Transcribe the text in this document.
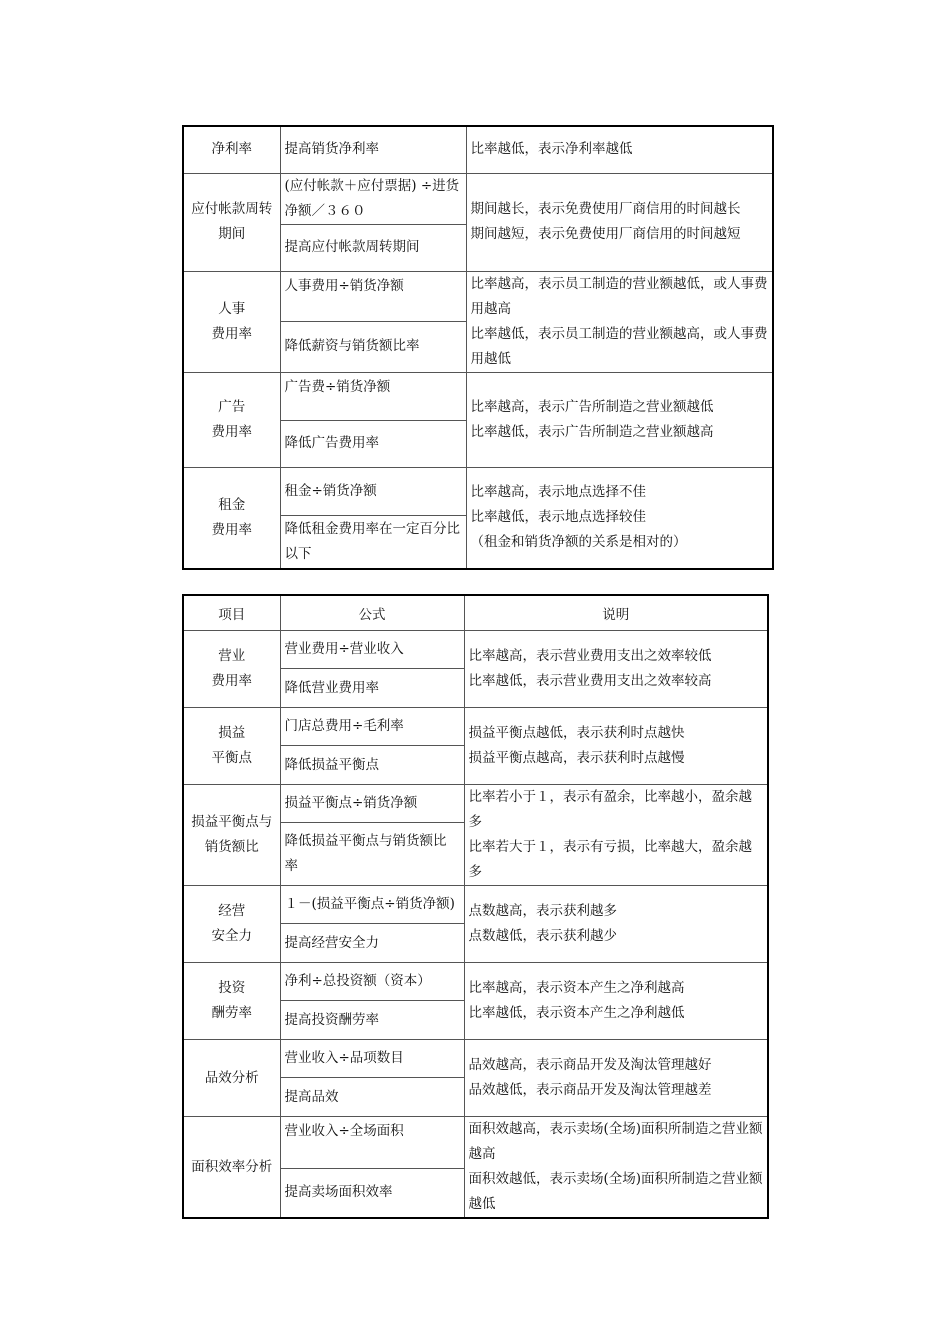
净利率	提高销货净利率	比率越低，表示净利率越低

应付帐款周转
期间	(应付帐款＋应付票据) ÷进货净额／３６０	期间越长，表示免费使用厂商信用的时间越长
期间越短，表示免费使用厂商信用的时间越短

	提高应付帐款周转期间	

人事
费用率	人事费用÷销货净额	比率越高，表示员工制造的营业额越低，或人事费用越高
比率越低，表示员工制造的营业额越高，或人事费用越低

	降低薪资与销货额比率	

广告
费用率	广告费÷销货净额	比率越高，表示广告所制造之营业额越低
比率越低，表示广告所制造之营业额越高

	降低广告费用率	

租金
费用率	租金÷销货净额	比率越高，表示地点选择不佳
比率越低，表示地点选择较佳
（租金和销货净额的关系是相对的）

	降低租金费用率在一定百分比以下	
项目	公式	说明

营业
费用率	营业费用÷营业收入	比率越高，表示营业费用支出之效率较低
比率越低，表示营业费用支出之效率较高

	降低营业费用率	

损益
平衡点	门店总费用÷毛利率	损益平衡点越低，表示获利时点越快
损益平衡点越高，表示获利时点越慢

	降低损益平衡点	

损益平衡点与
销货额比	损益平衡点÷销货净额	比率若小于１，表示有盈余，比率越小，盈余越多
比率若大于１，表示有亏损，比率越大，盈余越多

	降低损益平衡点与销货额比率	

经营
安全力	１－(损益平衡点÷销货净额)	点数越高，表示获利越多
点数越低，表示获利越少

	提高经营安全力	

投资
酬劳率	净利÷总投资额（资本）	比率越高，表示资本产生之净利越高
比率越低，表示资本产生之净利越低

	提高投资酬劳率	

品效分析	营业收入÷品项数目	品效越高，表示商品开发及淘汰管理越好
品效越低，表示商品开发及淘汰管理越差

	提高品效	

面积效率分析	营业收入÷全场面积	面积效越高，表示卖场(全场)面积所制造之营业额越高
面积效越低，表示卖场(全场)面积所制造之营业额越低

	提高卖场面积效率	
